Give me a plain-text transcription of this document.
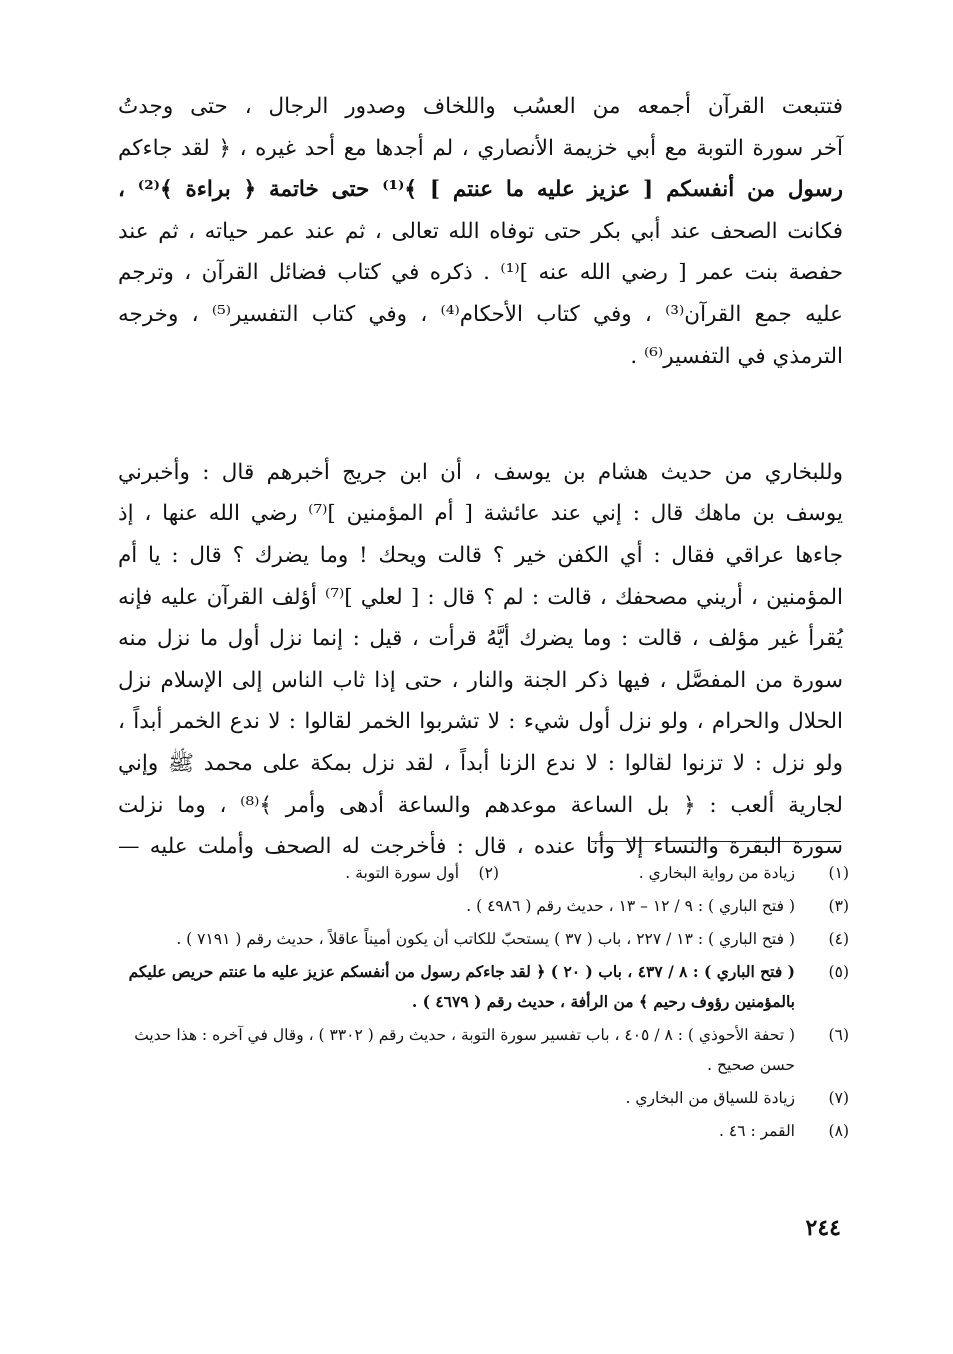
فتتبعت القرآن أجمعه من العسُب واللخاف وصدور الرجال ، حتى وجدتُ
آخر سورة التوبة مع أبي خزيمة الأنصاري ، لم أجدها مع أحد غيره ، ﴿ لقد جاءكم
رسول من أنفسكم [ عزيز عليه ما عنتم ] ﴾⁽¹⁾ حتى خاتمة ﴿ براءة ﴾⁽²⁾ ،
فكانت الصحف عند أبي بكر حتى توفاه الله تعالى ، ثم عند عمر حياته ، ثم عند
حفصة بنت عمر [ رضي الله عنه ]⁽¹⁾ . ذكره في كتاب فضائل القرآن ، وترجم
عليه جمع القرآن⁽³⁾ ، وفي كتاب الأحكام⁽⁴⁾ ، وفي كتاب التفسير⁽⁵⁾ ، وخرجه
الترمذي في التفسير⁽⁶⁾ .

وللبخاري من حديث هشام بن يوسف ، أن ابن جريج أخبرهم قال : وأخبرني
يوسف بن ماهك قال : إني عند عائشة [ أم المؤمنين ]⁽⁷⁾ رضي الله عنها ، إذ
جاءها عراقي فقال : أي الكفن خير ؟ قالت ويحك ! وما يضرك ؟ قال : يا أم
المؤمنين ، أريني مصحفك ، قالت : لم ؟ قال : [ لعلي ]⁽⁷⁾ أؤلف القرآن عليه فإنه
يُقرأ غير مؤلف ، قالت : وما يضرك أيَّهُ قرأت ، قيل : إنما نزل أول ما نزل منه
سورة من المفصَّل ، فيها ذكر الجنة والنار ، حتى إذا ثاب الناس إلى الإسلام نزل
الحلال والحرام ، ولو نزل أول شيء : لا تشربوا الخمر لقالوا : لا ندع الخمر أبداً ،
ولو نزل : لا تزنوا لقالوا : لا ندع الزنا أبداً ، لقد نزل بمكة على محمد ﷺ وإني
لجارية ألعب : ﴿ بل الساعة موعدهم والساعة أدهى وأمر ﴾⁽⁸⁾ ، وما نزلت
سورة البقرة والنساء إلا وأنا عنده ، قال : فأخرجت له الصحف وأملت عليه —

(١)
زيادة من رواية البخاري .
(٢)
أول سورة التوبة .
(٣)
( فتح الباري ) : ٩ / ١٢ – ١٣ ، حديث رقم ( ٤٩٨٦ ) .
(٤)
( فتح الباري ) : ١٣ / ٢٢٧ ، باب ( ٣٧ ) يستحبّ للكاتب أن يكون أميناً عاقلاً ، حديث رقم ( ٧١٩١ ) .
(٥)
( فتح الباري ) : ٨ / ٤٣٧ ، باب ( ٢٠ ) ﴿ لقد جاءكم رسول من أنفسكم عزيز عليه ما عنتم حريص عليكم بالمؤمنين رؤوف رحيم ﴾ من الرأفة ، حديث رقم ( ٤٦٧٩ ) .
(٦)
( تحفة الأحوذي ) : ٨ / ٤٠٥ ، باب تفسير سورة التوبة ، حديث رقم ( ٣٣٠٢ ) ، وقال في آخره : هذا حديث حسن صحيح .
(٧)
زيادة للسياق من البخاري .
(٨)
القمر : ٤٦ .
٢٤٤
